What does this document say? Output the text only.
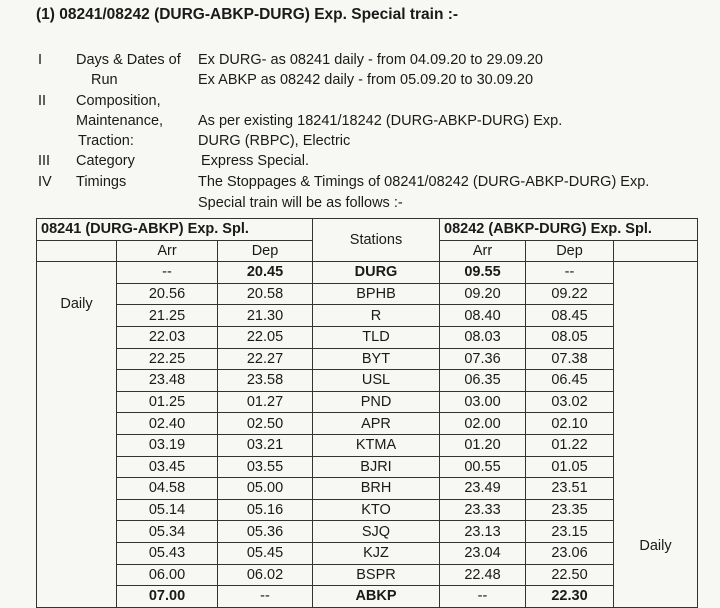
(1) 08241/08242 (DURG-ABKP-DURG) Exp. Special train :-
I Days & Dates of
Run
Ex DURG- as 08241 daily - from 04.09.20 to 29.09.20
Ex ABKP as 08242 daily - from 05.09.20 to 30.09.20
II Composition,
Maintenance,
Traction:
As per existing 18241/18242 (DURG-ABKP-DURG) Exp.
DURG (RBPC), Electric
III Category	Express Special.
IV Timings	The Stoppages & Timings of 08241/08242 (DURG-ABKP-DURG) Exp.
Special train will be as follows :-
08241 (DURG-ABKP) Exp. Spl.			Stations	08242 (ABKP-DURG) Exp. Spl.		
	Arr	Dep		Arr	Dep	
Daily	--	20.45	DURG	09.55	--	Daily
	20.56	20.58	BPHB	09.20	09.22	
	21.25	21.30	R	08.40	08.45	
	22.03	22.05	TLD	08.03	08.05	
	22.25	22.27	BYT	07.36	07.38	
	23.48	23.58	USL	06.35	06.45	
	01.25	01.27	PND	03.00	03.02	
	02.40	02.50	APR	02.00	02.10	
	03.19	03.21	KTMA	01.20	01.22	
	03.45	03.55	BJRI	00.55	01.05	
	04.58	05.00	BRH	23.49	23.51	
	05.14	05.16	KTO	23.33	23.35	
	05.34	05.36	SJQ	23.13	23.15	
	05.43	05.45	KJZ	23.04	23.06	
	06.00	06.02	BSPR	22.48	22.50	
	07.00	--	ABKP	--	22.30	
